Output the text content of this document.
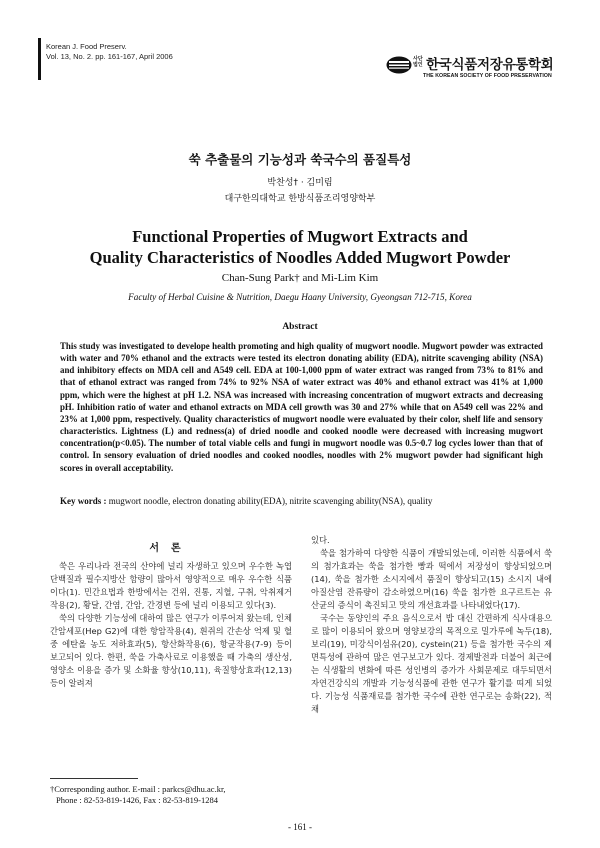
Korean J. Food Preserv.
Vol. 13, No. 2. pp. 161-167, April 2006	사단법인 한국식품저장유통학회
THE KOREAN SOCIETY OF FOOD PRESERVATION
쑥 추출물의 기능성과 쑥국수의 품질특성
박찬성† · 김미림
대구한의대학교 한방식품조리영양학부
Functional Properties of Mugwort Extracts and
Quality Characteristics of Noodles Added Mugwort Powder
Chan-Sung Park† and Mi-Lim Kim
Faculty of Herbal Cuisine & Nutrition, Daegu Haany University, Gyeongsan 712-715, Korea
Abstract
This study was investigated to develope health promoting and high quality of mugwort noodle. Mugwort powder was extracted with water and 70% ethanol and the extracts were tested its electron donating ability (EDA), nitrite scavenging ability (NSA) and inhibitory effects on MDA cell and A549 cell. EDA at 100-1,000 ppm of water extract was ranged from 73% to 81% and that of ethanol extract was ranged from 74% to 92% NSA of water extract was 40% and ethanol extract was 41% at 1,000 ppm, which were the highest at pH 1.2. NSA was increased with increasing concentration of mugwort extracts and decreasing pH. Inhibition ratio of water and ethanol extracts on MDA cell growth was 30 and 27% while that on A549 cell was 22% and 23% at 1,000 ppm, respectively. Quality characteristics of mugwort noodle were evaluated by their color, shelf life and sensory characteristics. Lightness (L) and redness(a) of dried noodle and cooked noodle were decreased with increasing mugwort concentration(p<0.05). The number of total viable cells and fungi in mugwort noodle was 0.5~0.7 log cycles lower than that of control. In sensory evaluation of dried noodles and cooked noodles, noodles with 2% mugwort powder had significant high scores in overall acceptability.
Key words : mugwort noodle, electron donating ability(EDA), nitrite scavenging ability(NSA), quality
서론

쑥은 우리나라 전국의 산야에 널리 자생하고 있으며 우수한 녹엽단백질과 필수지방산 함량이 많아서 영양적으로 매우 우수한 식품이다(1). 민간요법과 한방에서는 건위, 진통, 지혈, 구취, 악취제거작용(2), 황달, 간염, 간암, 간경변 등에 널리 이용되고 있다(3).

쑥의 다양한 기능성에 대하여 많은 연구가 이루어져 왔는데, 인체 간암세포(Hep G2)에 대한 항암작용(4), 흰쥐의 간손상 억제 및 혈중 에탄올 농도 저하효과(5), 항산화작용(6), 항균작용(7-9) 등이 보고되어 있다. 한편, 쑥을 가축사료로 이용했을 때 가축의 생산성, 영양소 이용을 증가 및 소화율 향상(10,11), 육질향상효과(12,13) 등이 알려져

있다.

쑥을 첨가하여 다양한 식품이 개발되었는데, 이러한 식품에서 쑥의 첨가효과는 쑥을 첨가한 빵과 떡에서 저장성이 향상되었으며(14), 쑥을 첨가한 소시지에서 품질이 향상되고(15) 소시지 내에 아질산염 잔류량이 감소하였으며(16) 쑥을 첨가한 요구르트는 유산균의 증식이 촉진되고 맛의 개선효과를 나타내었다(17).

국수는 동양인의 주요 음식으로서 밥 대신 간편하게 식사대용으로 많이 이용되어 왔으며 영양보강의 목적으로 밀가루에 녹두(18), 보리(19), 미강식이섬유(20), cystein(21) 등을 첨가한 국수의 제면특성에 관하여 많은 연구보고가 있다. 경제발전과 더불어 최근에는 식생활의 변화에 따른 성인병의 증가가 사회문제로 대두되면서 자연건강식의 개발과 기능성식품에 관한 연구가 활기를 띠게 되었다. 기능성 식품재료를 첨가한 국수에 관한 연구로는 송화(22), 적채

†Corresponding author. E-mail : parkcs@dhu.ac.kr,
Phone : 82-53-819-1426, Fax : 82-53-819-1284
- 161 -
